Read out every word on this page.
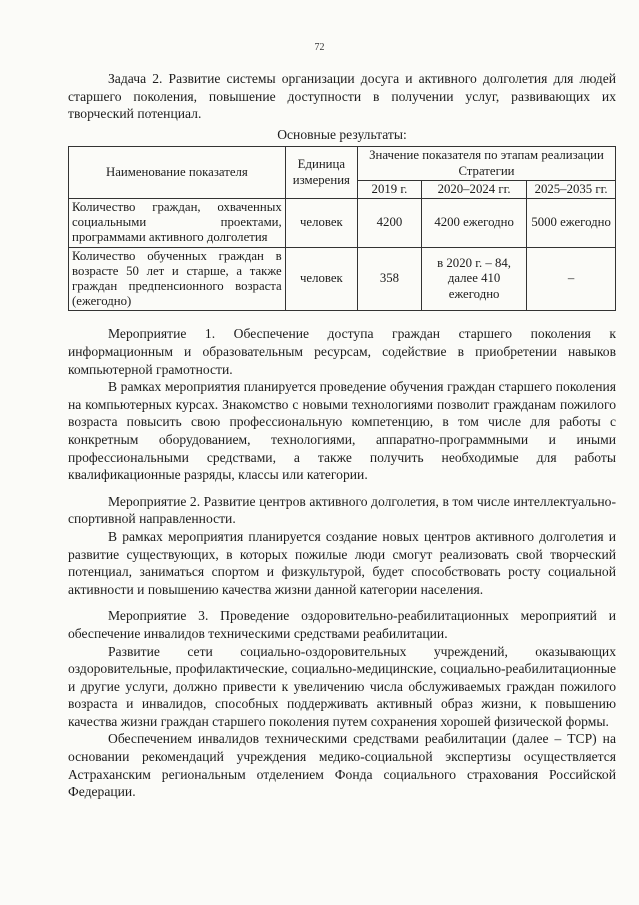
72

Задача 2. Развитие системы организации досуга и активного долголетия для людей старшего поколения, повышение доступности в получении услуг, развивающих их творческий потенциал.

Основные результаты:

Наименование показателя	Единица измерения	Значение показателя по этапам реализации Стратегии		
		2019 г.	2020–2024 гг.	2025–2035 гг.
Количество граждан, охваченных социальными проектами, программами активного долголетия	человек	4200	4200 ежегодно	5000 ежегодно
Количество обученных граждан в возрасте 50 лет и старше, а также граждан предпенсионного возраста (ежегодно)	человек	358	в 2020 г. – 84, далее 410 ежегодно	–

Мероприятие 1. Обеспечение доступа граждан старшего поколения к информационным и образовательным ресурсам, содействие в приобретении навыков компьютерной грамотности.

В рамках мероприятия планируется проведение обучения граждан старшего поколения на компьютерных курсах. Знакомство с новыми технологиями позволит гражданам пожилого возраста повысить свою профессиональную компетенцию, в том числе для работы с конкретным оборудованием, технологиями, аппаратно-программными и иными профессиональными средствами, а также получить необходимые для работы квалификационные разряды, классы или категории.

Мероприятие 2. Развитие центров активного долголетия, в том числе интеллектуально-спортивной направленности.

В рамках мероприятия планируется создание новых центров активного долголетия и развитие существующих, в которых пожилые люди смогут реализовать свой творческий потенциал, заниматься спортом и физкультурой, будет способствовать росту социальной активности и повышению качества жизни данной категории населения.

Мероприятие 3. Проведение оздоровительно-реабилитационных мероприятий и обеспечение инвалидов техническими средствами реабилитации.

Развитие сети социально-оздоровительных учреждений, оказывающих оздоровительные, профилактические, социально-медицинские, социально-реабилитационные и другие услуги, должно привести к увеличению числа обслуживаемых граждан пожилого возраста и инвалидов, способных поддерживать активный образ жизни, к повышению качества жизни граждан старшего поколения путем сохранения хорошей физической формы.

Обеспечением инвалидов техническими средствами реабилитации (далее – ТСР) на основании рекомендаций учреждения медико-социальной экспертизы осуществляется Астраханским региональным отделением Фонда социального страхования Российской Федерации.
